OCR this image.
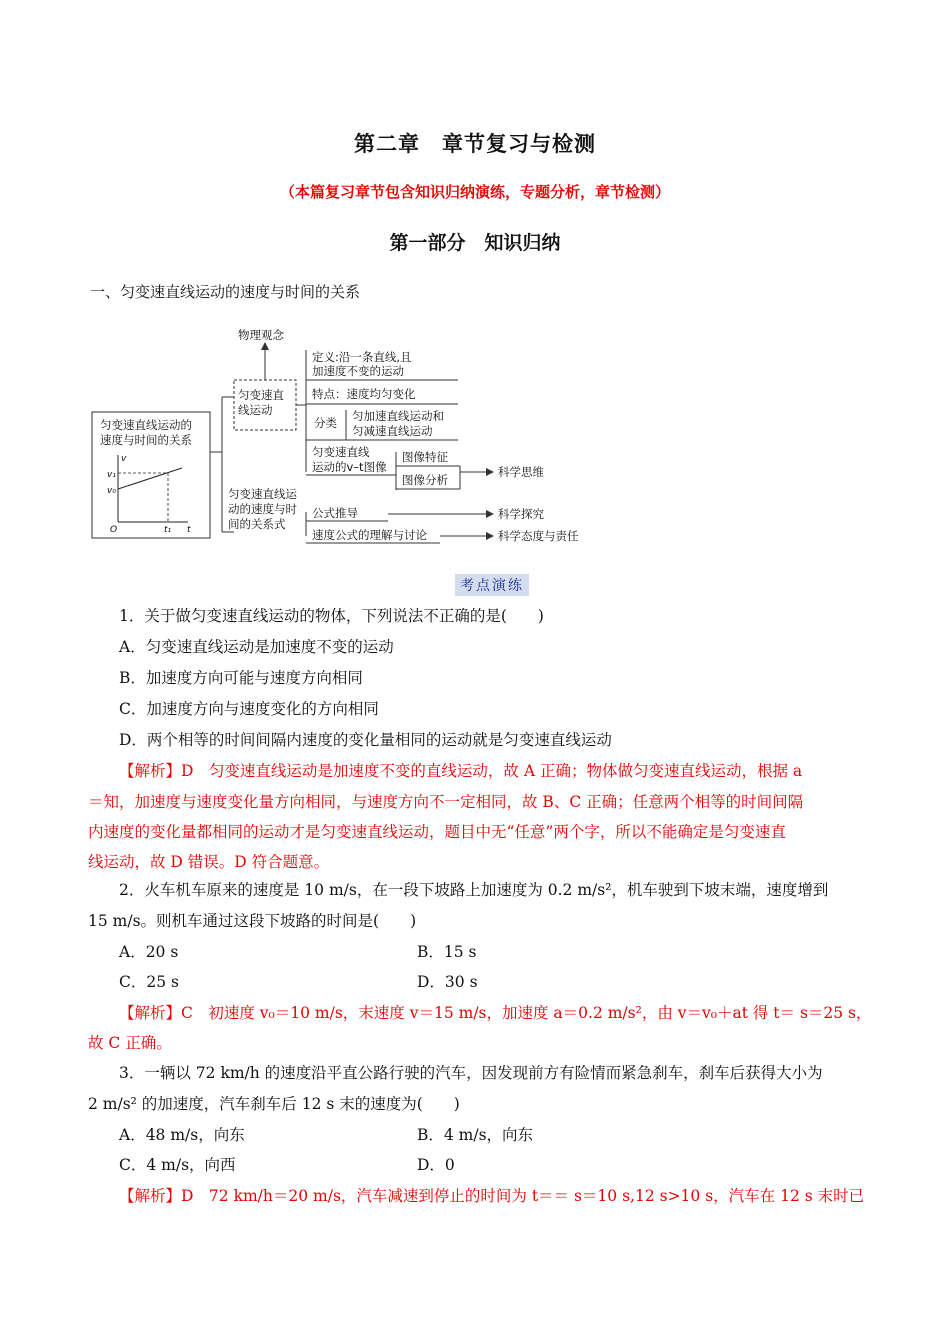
第二章　章节复习与检测
（本篇复习章节包含知识归纳演练，专题分析，章节检测）
第一部分　知识归纳
一、匀变速直线运动的速度与时间的关系
匀变速直线运动的
速度与时间的关系
v
v₁
v₀
O	t₁ t
物理观念
匀变速直
线运动
定义:沿一条直线,且
加速度不变的运动
特点：速度均匀变化
分类 匀加速直线运动和
匀减速直线运动
匀变速直线
运动的v–t图像
图像特征
图像分析
科学思维
匀变速直线运
动的速度与时
间的关系式
公式推导	科学探究
速度公式的理解与讨论	科学态度与责任
考点演练
1．关于做匀变速直线运动的物体，下列说法不正确的是(　　)
A．匀变速直线运动是加速度不变的运动
B．加速度方向可能与速度方向相同
C．加速度方向与速度变化的方向相同
D．两个相等的时间间隔内速度的变化量相同的运动就是匀变速直线运动
【解析】D　匀变速直线运动是加速度不变的直线运动，故 A 正确；物体做匀变速直线运动，根据 a
＝知，加速度与速度变化量方向相同，与速度方向不一定相同，故 B、C 正确；任意两个相等的时间间隔
内速度的变化量都相同的运动才是匀变速直线运动，题目中无“任意”两个字，所以不能确定是匀变速直
线运动，故 D 错误。D 符合题意。
2．火车机车原来的速度是 10 m/s，在一段下坡路上加速度为 0.2 m/s²，机车驶到下坡末端，速度增到
15 m/s。则机车通过这段下坡路的时间是(　　)
A．20 s	B．15 s
C．25 s	D．30 s
【解析】C　初速度 v₀＝10 m/s，末速度 v＝15 m/s，加速度 a＝0.2 m/s²，由 v＝v₀＋at 得 t＝ s＝25 s，
故 C 正确。
3．一辆以 72 km/h 的速度沿平直公路行驶的汽车，因发现前方有险情而紧急刹车，刹车后获得大小为
2 m/s² 的加速度，汽车刹车后 12 s 末的速度为(　　)
A．48 m/s，向东	B．4 m/s，向东
C．4 m/s，向西	D．0
【解析】D　72 km/h＝20 m/s，汽车减速到停止的时间为 t＝＝ s＝10 s,12 s>10 s，汽车在 12 s 末时已
